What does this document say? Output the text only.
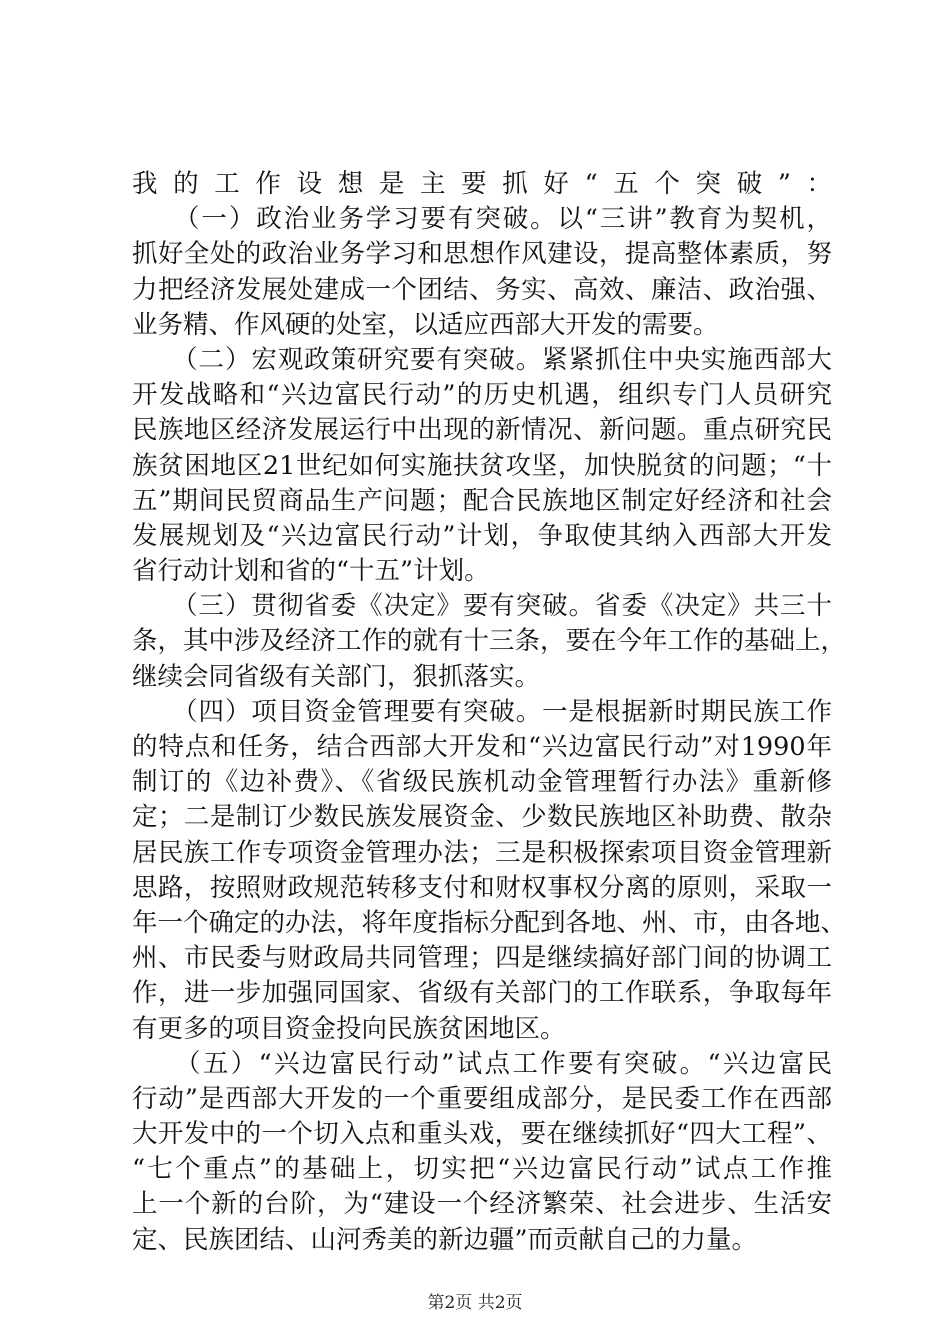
我的工作设想是主要抓好“五个突破”：
　　（一）政治业务学习要有突破。以“三讲”教育为契机，
抓好全处的政治业务学习和思想作风建设，提高整体素质，努
力把经济发展处建成一个团结、务实、高效、廉洁、政治强、
业务精、作风硬的处室，以适应西部大开发的需要。
　　（二）宏观政策研究要有突破。紧紧抓住中央实施西部大
开发战略和“兴边富民行动”的历史机遇，组织专门人员研究
民族地区经济发展运行中出现的新情况、新问题。重点研究民
族贫困地区21世纪如何实施扶贫攻坚，加快脱贫的问题；“十
五”期间民贸商品生产问题；配合民族地区制定好经济和社会
发展规划及“兴边富民行动”计划，争取使其纳入西部大开发
省行动计划和省的“十五”计划。
　　（三）贯彻省委《决定》要有突破。省委《决定》共三十
条，其中涉及经济工作的就有十三条，要在今年工作的基础上，
继续会同省级有关部门，狠抓落实。
　　（四）项目资金管理要有突破。一是根据新时期民族工作
的特点和任务，结合西部大开发和“兴边富民行动”对1990年
制订的《边补费》、《省级民族机动金管理暂行办法》重新修
定；二是制订少数民族发展资金、少数民族地区补助费、散杂
居民族工作专项资金管理办法；三是积极探索项目资金管理新
思路，按照财政规范转移支付和财权事权分离的原则，采取一
年一个确定的办法，将年度指标分配到各地、州、市，由各地、
州、市民委与财政局共同管理；四是继续搞好部门间的协调工
作，进一步加强同国家、省级有关部门的工作联系，争取每年
有更多的项目资金投向民族贫困地区。
　　（五）“兴边富民行动”试点工作要有突破。“兴边富民
行动”是西部大开发的一个重要组成部分，是民委工作在西部
大开发中的一个切入点和重头戏，要在继续抓好“四大工程”、
“七个重点”的基础上，切实把“兴边富民行动”试点工作推
上一个新的台阶，为“建设一个经济繁荣、社会进步、生活安
定、民族团结、山河秀美的新边疆”而贡献自己的力量。
第2页 共2页
